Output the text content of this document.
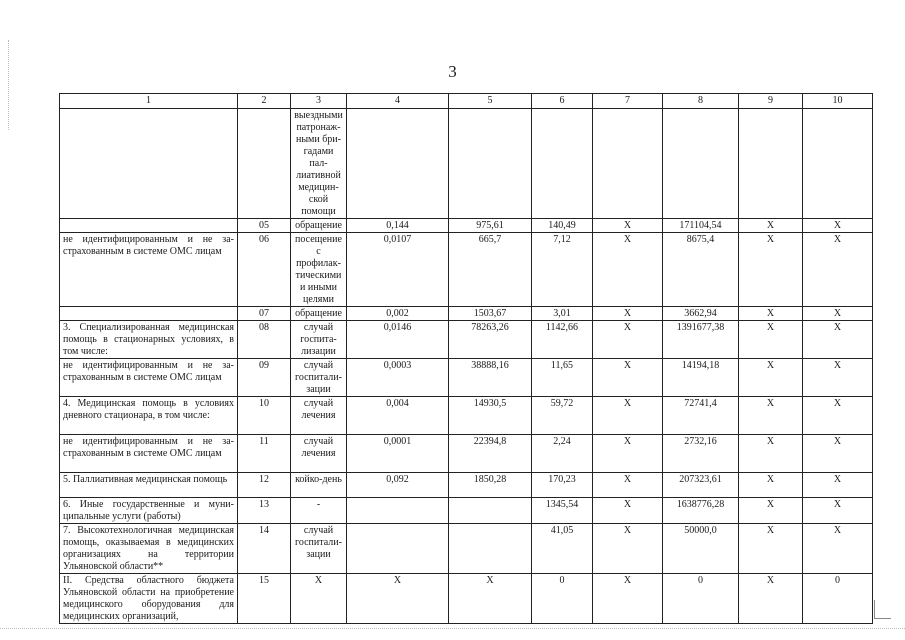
3
1	2	3	4	5	6	7	8	9	10
		выездными патронажными бригадами паллиативной медицинской помощи							
	05	обращение	0,144	975,61	140,49	X	171104,54	X	X
не идентифицированным и не застрахованным в системе ОМС лицам	06	посещение с профилактическими и иными целями	0,0107	665,7	7,12	X	8675,4	X	X
	07	обращение	0,002	1503,67	3,01	X	3662,94	X	X
3. Специализированная медицинская помощь в стационарных условиях, в том числе:	08	случай госпитализации	0,0146	78263,26	1142,66	X	1391677,38	X	X
не идентифицированным и не застрахованным в системе ОМС лицам	09	случай госпитализации	0,0003	38888,16	11,65	X	14194,18	X	X
4. Медицинская помощь в условиях дневного стационара, в том числе:	10	случай лечения	0,004	14930,5	59,72	X	72741,4	X	X
не идентифицированным и не застрахованным в системе ОМС лицам	11	случай лечения	0,0001	22394,8	2,24	X	2732,16	X	X
5. Паллиативная медицинская помощь	12	койко-день	0,092	1850,28	170,23	X	207323,61	X	X
6. Иные государственные и муниципальные услуги (работы)	13	-			1345,54	X	1638776,28	X	X
7. Высокотехнологичная медицинская помощь, оказываемая в медицинских организациях на территории Ульяновской области**	14	случай госпитализации			41,05	X	50000,0	X	X
II. Средства областного бюджета Ульяновской области на приобретение медицинского оборудования для медицинских организаций,	15	X	X	X	0	X	0	X	0
